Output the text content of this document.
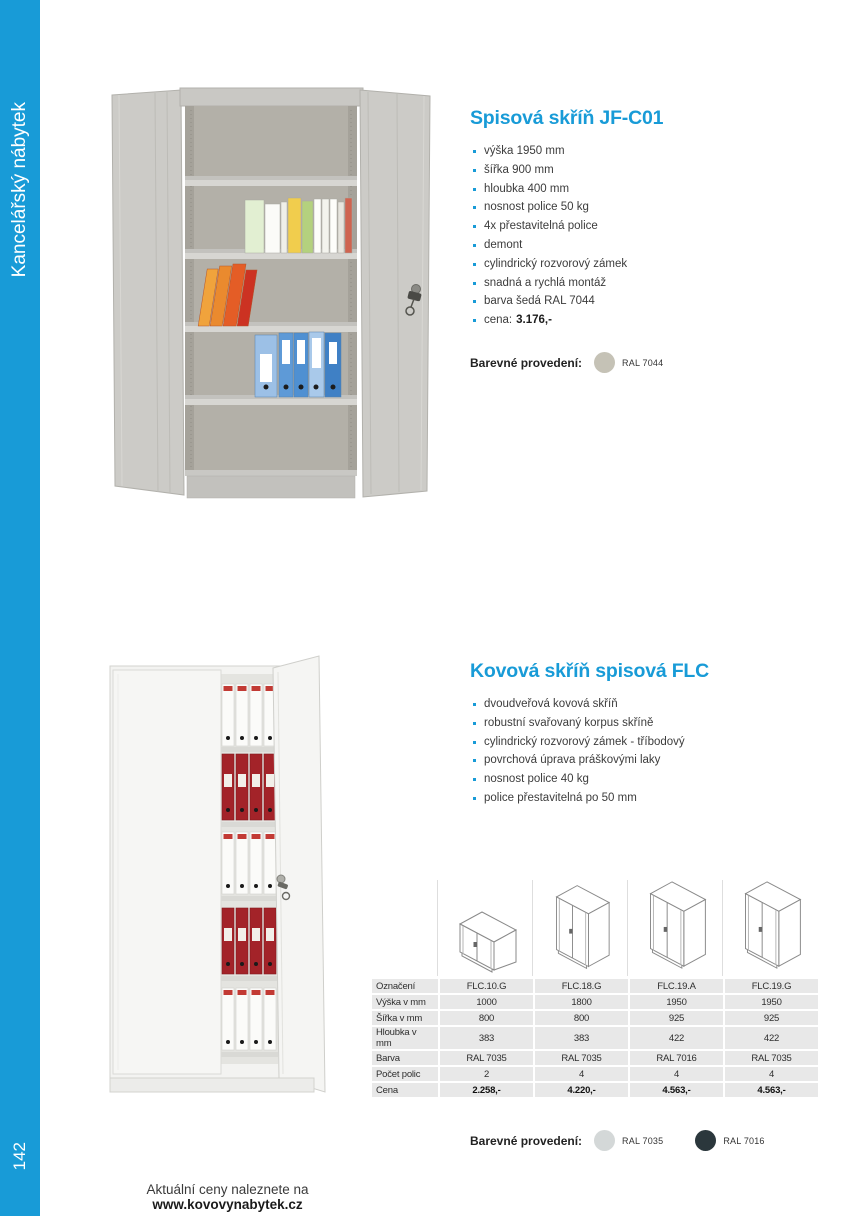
Kancelářský nábytek
142
Spisová skříň JF-C01
výška 1950 mm
šířka 900 mm
hloubka 400 mm
nosnost police 50 kg
4x přestavitelná police
demont
cylindrický rozvorový zámek
snadná a rychlá montáž
barva šedá RAL 7044
cena: 3.176,-
Barevné provedení:	RAL 7044
Kovová skříň spisová FLC
dvoudveřová kovová skříň
robustní svařovaný korpus skříně
cylindrický rozvorový zámek - tříbodový
povrchová úprava práškovými laky
nosnost police 40 kg
police přestavitelná po 50 mm
Označení	FLC.10.G	FLC.18.G	FLC.19.A	FLC.19.G
Výška v mm	1000	1800	1950	1950
Šířka v mm	800	800	925	925
Hloubka v mm	383	383	422	422
Barva	RAL 7035	RAL 7035	RAL 7016	RAL 7035
Počet polic	2	4	4	4
Cena	2.258,-	4.220,-	4.563,-	4.563,-
Barevné provedení:	RAL 7035	RAL 7016
Aktuální ceny naleznete na www.kovovynabytek.cz
